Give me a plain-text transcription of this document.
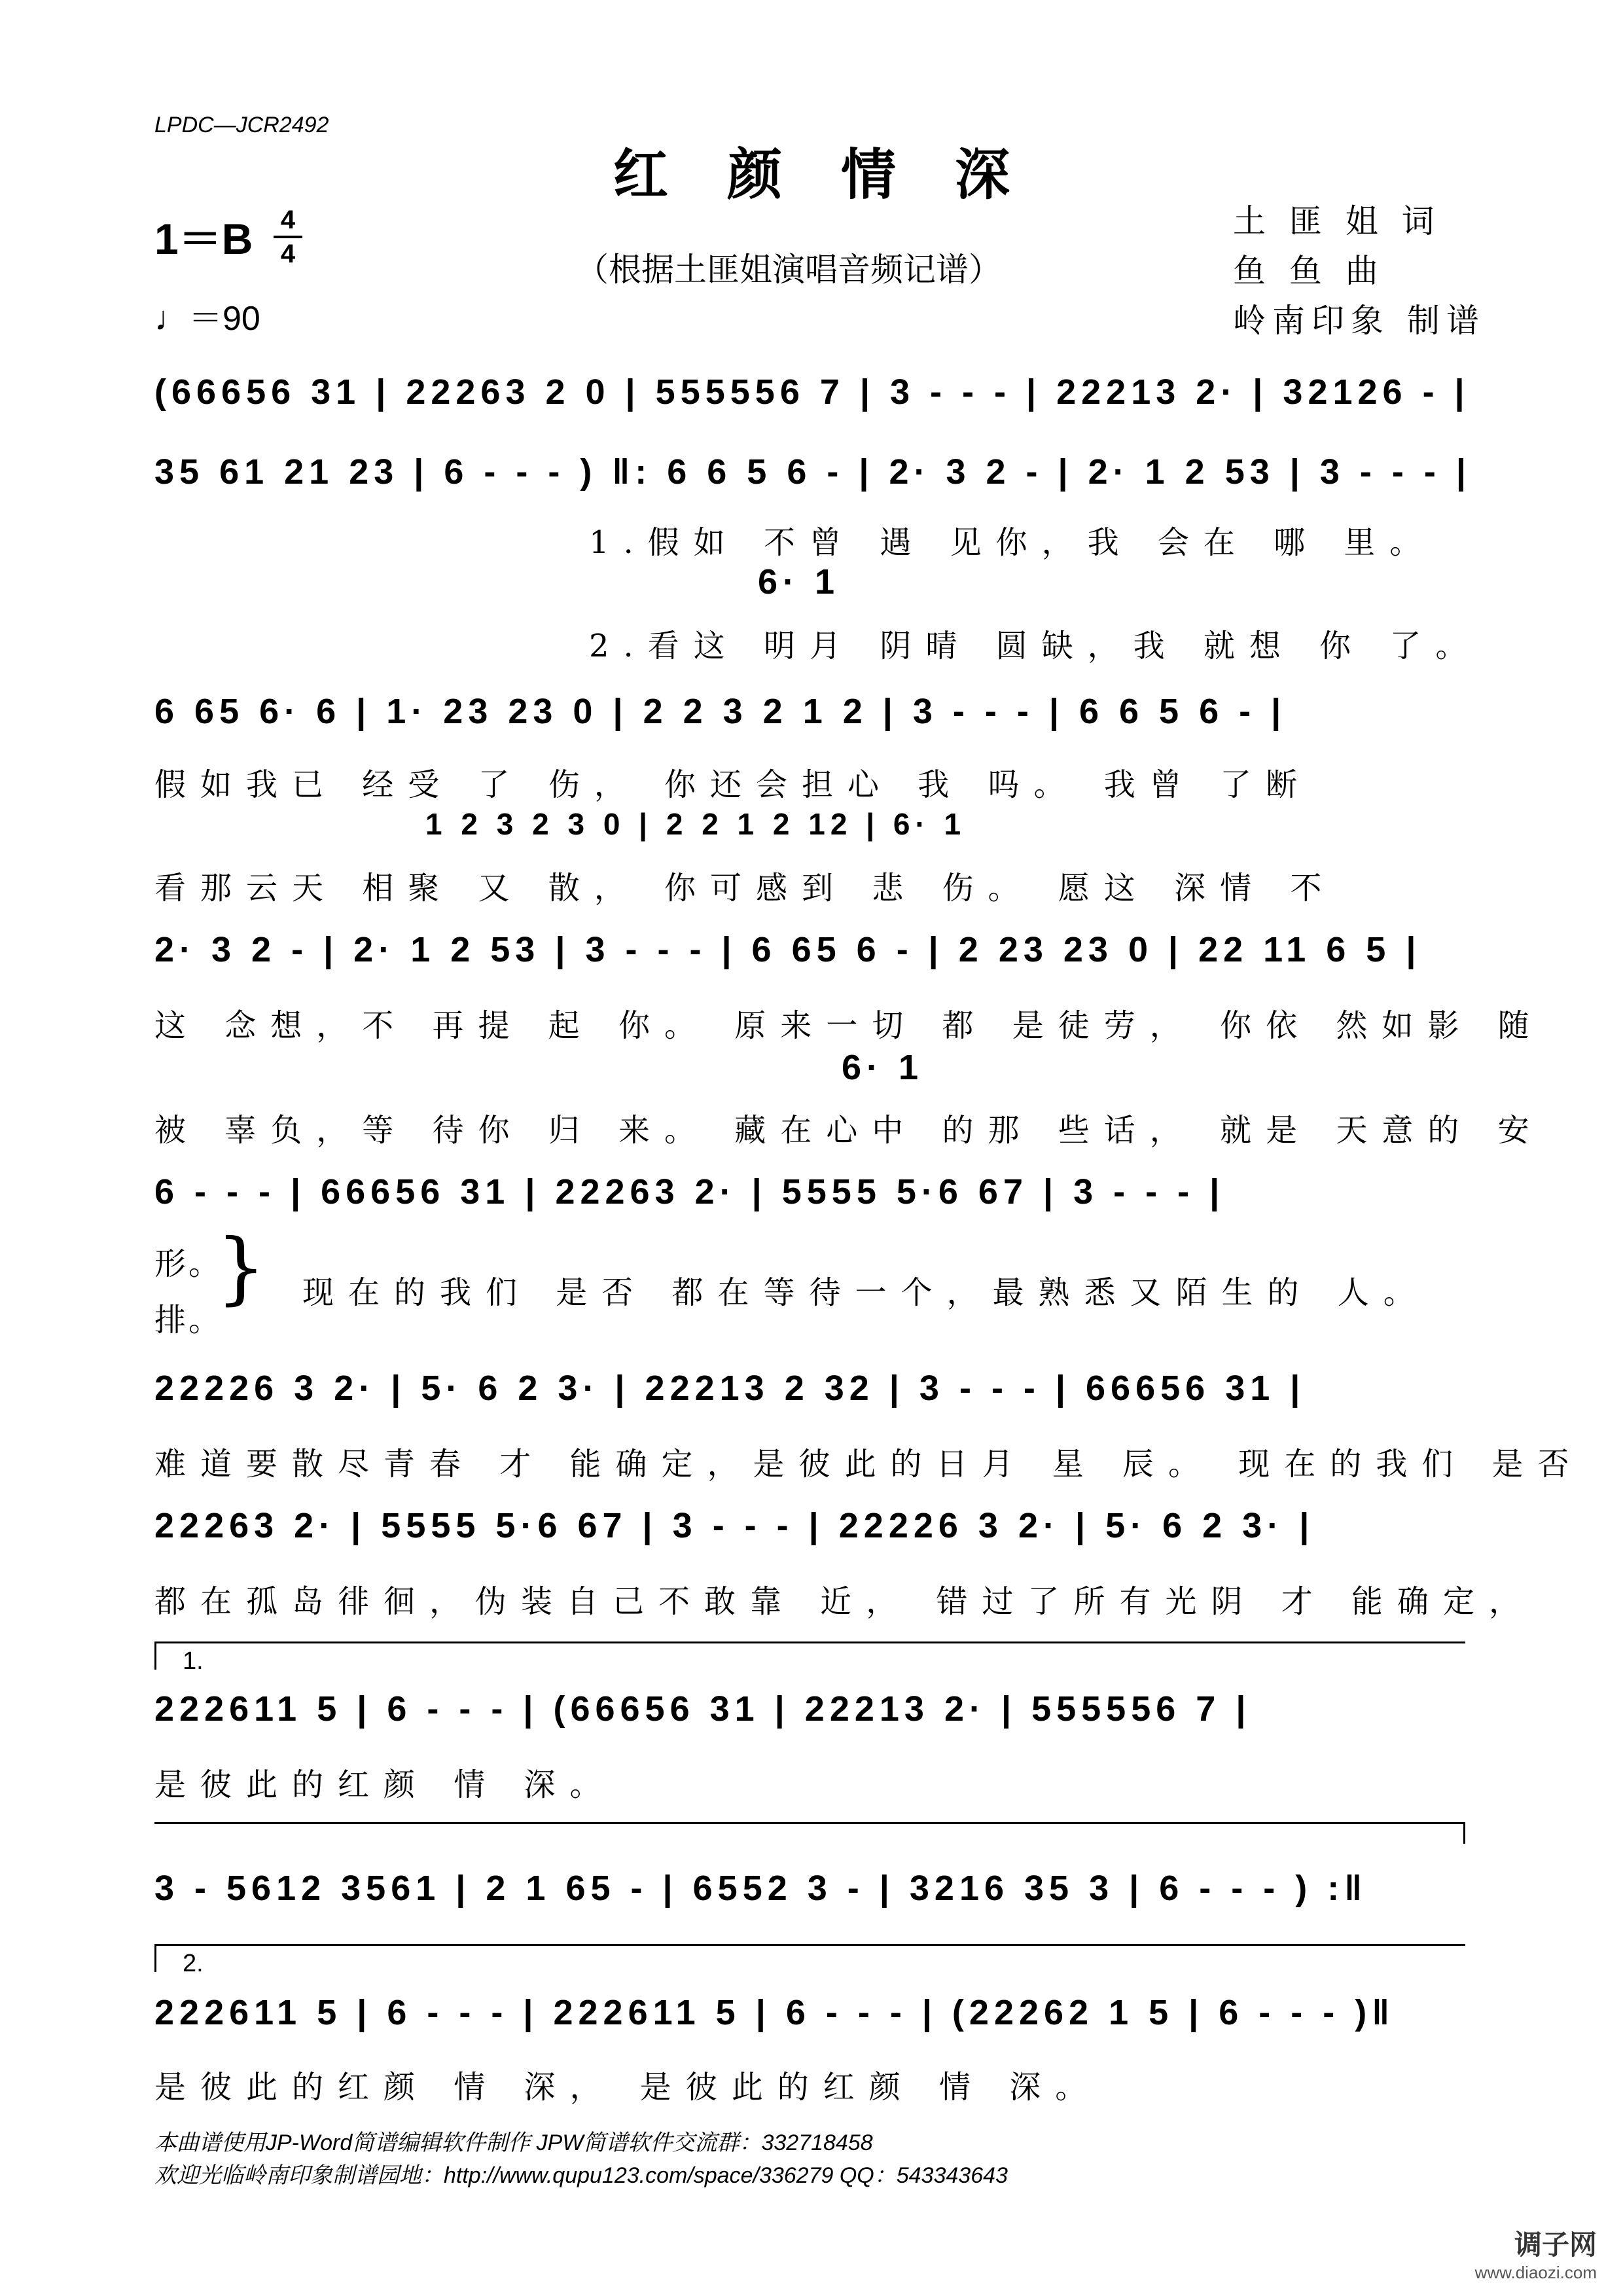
LPDC—JCR2492
红颜情深
（根据土匪姐演唱音频记谱）
1＝B 4
4
♩＝90
土 匪 姐 词
鱼 鱼 曲
岭南印象 制谱
(66656 31 | 22263 2 0 | 555556 7 | 3 - - - | 22213 2· | 32126 - |
35 61 21 23 | 6 - - - ) ‖: 6 6 5 6 - | 2· 3 2 - | 2· 1 2 53 | 3 - - - |
1.假如 不曾 遇 见你，我 会在 哪 里。
6· 1
2.看这 明月 阴晴 圆缺，我 就想 你 了。
6 65 6· 6 | 1· 23 23 0 | 2 2 3 2 1 2 | 3 - - - | 6 6 5 6 - |
假如我已 经受 了 伤， 你还会担心 我 吗。 我曾 了断
1 2 3 2 3 0 | 2 2 1 2 12 | 6· 1
看那云天 相聚 又 散， 你可感到 悲 伤。 愿这 深情 不
2· 3 2 - | 2· 1 2 53 | 3 - - - | 6 65 6 - | 2 23 23 0 | 22 11 6 5 |
这 念想，不 再提 起 你。 原来一切 都 是徒劳， 你依 然如影 随
6· 1
被 辜负，等 待你 归 来。 藏在心中 的那 些话， 就是 天意的 安
6 - - - | 66656 31 | 22263 2· | 5555 5·6 67 | 3 - - - |
形。
排。
} 现在的我们 是否 都在等待一个，最熟悉又陌生的 人。
22226 3 2· | 5· 6 2 3· | 22213 2 32 | 3 - - - | 66656 31 |
难道要散尽青春 才 能确定，是彼此的日月 星 辰。 现在的我们 是否
22263 2· | 5555 5·6 67 | 3 - - - | 22226 3 2· | 5· 6 2 3· |
都在孤岛徘徊，伪装自己不敢靠 近， 错过了所有光阴 才 能确定，
1.
222611 5 | 6 - - - | (66656 31 | 22213 2· | 555556 7 |
是彼此的红颜 情 深。
3 - 5612 3561 | 2 1 65 - | 6552 3 - | 3216 35 3 | 6 - - - ) :‖
2.
222611 5 | 6 - - - | 222611 5 | 6 - - - | (22262 1 5 | 6 - - - )‖
是彼此的红颜 情 深， 是彼此的红颜 情 深。
本曲谱使用JP-Word简谱编辑软件制作 JPW简谱软件交流群：332718458
欢迎光临岭南印象制谱园地：http://www.qupu123.com/space/336279 QQ：543343643
调子网
www.diaozi.com
